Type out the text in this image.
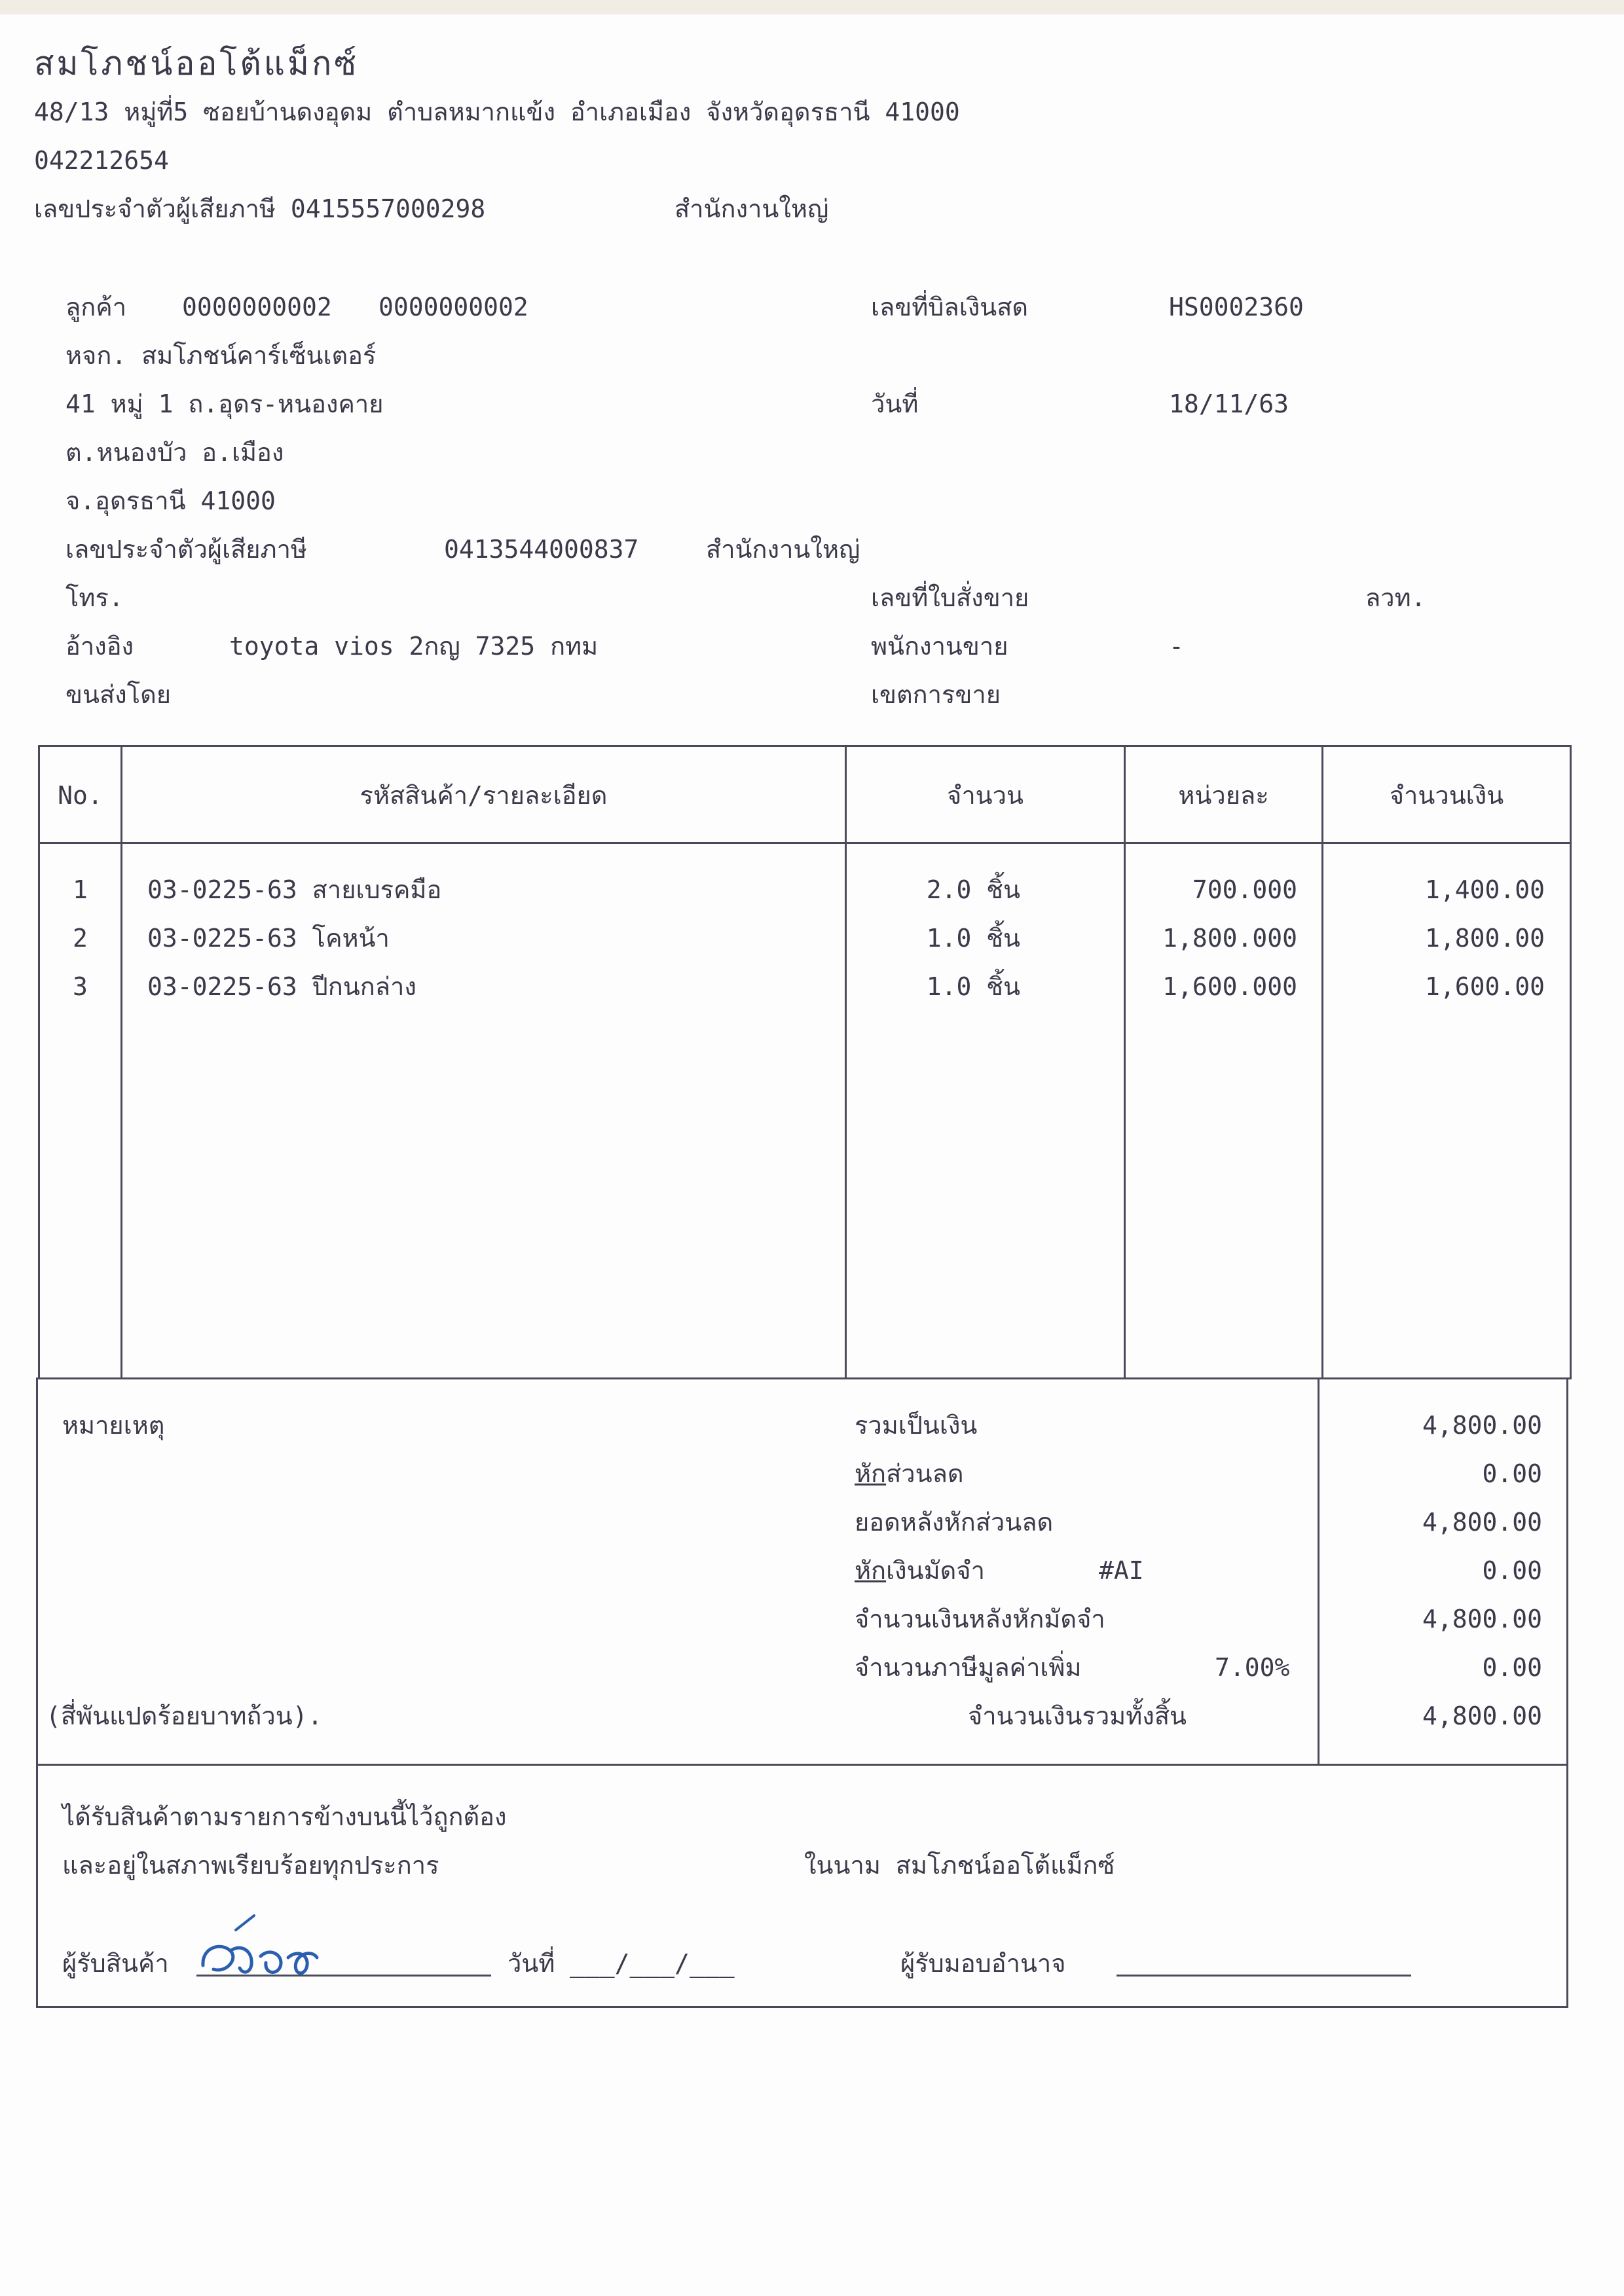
สมโภชน์ออโต้แม็กซ์
48/13 หมู่ที่5 ซอยบ้านดงอุดม ตำบลหมากแข้ง อำเภอเมือง จังหวัดอุดรธานี 41000
042212654
เลขประจำตัวผู้เสียภาษี 0415557000298	สำนักงานใหญ่
ลูกค้า 0000000002 0000000002
หจก. สมโภชน์คาร์เซ็นเตอร์
41 หมู่ 1 ถ.อุดร-หนองคาย
ต.หนองบัว อ.เมือง
จ.อุดรธานี 41000
เลขประจำตัวผู้เสียภาษี	0413544000837	สำนักงานใหญ่
โทร.
อ้างอิง	toyota vios 2กญ 7325 กทม
ขนส่งโดย
เลขที่บิลเงินสด	HS0002360
วันที่	18/11/63
เลขที่ใบสั่งขาย	ลวท.
พนักงานขาย	-
เขตการขาย
No.	รหัสสินค้า/รายละเอียด	จำนวน	หน่วยละ	จำนวนเงิน
1	03-0225-63 สายเบรคมือ	2.0 ชิ้น	700.000	1,400.00
2	03-0225-63 โคหน้า	1.0 ชิ้น	1,800.000	1,800.00
3	03-0225-63 ปีกนกล่าง	1.0 ชิ้น	1,600.000	1,600.00
หมายเหตุ
(สี่พันแปดร้อยบาทถ้วน).
รวมเป็นเงิน	4,800.00
หักส่วนลด	0.00
ยอดหลังหักส่วนลด	4,800.00
หักเงินมัดจำ	#AI	0.00
จำนวนเงินหลังหักมัดจำ	4,800.00
จำนวนภาษีมูลค่าเพิ่ม	7.00%	0.00
จำนวนเงินรวมทั้งสิ้น	4,800.00
ได้รับสินค้าตามรายการข้างบนนี้ไว้ถูกต้อง
และอยู่ในสภาพเรียบร้อยทุกประการ	ในนาม สมโภชน์ออโต้แม็กซ์
ผู้รับสินค้า	วันที่ ___/___/___	ผู้รับมอบอำนาจ
